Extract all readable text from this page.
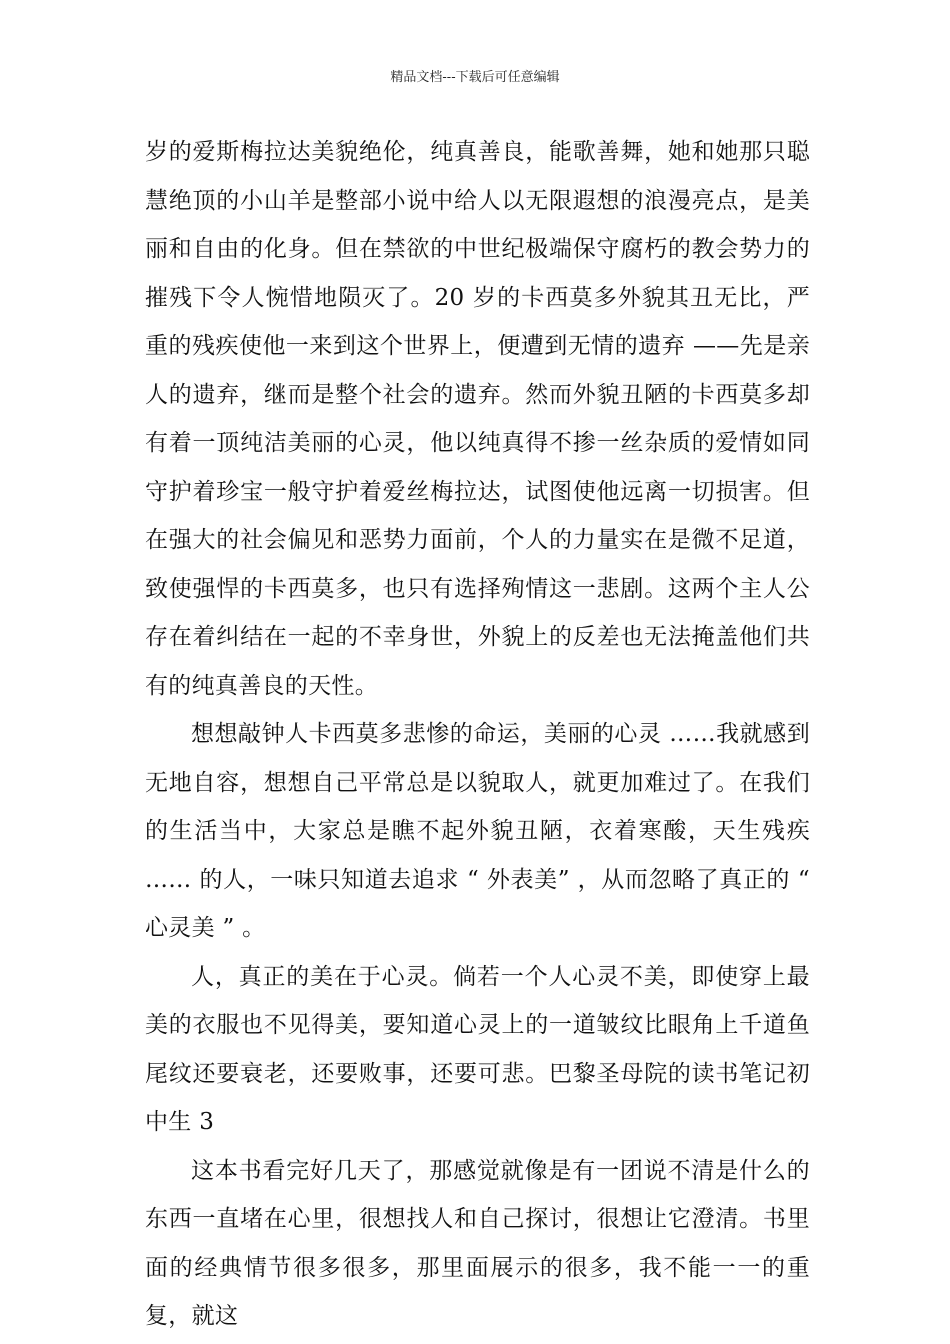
精品文档---下载后可任意编辑

岁的爱斯梅拉达美貌绝伦，纯真善良，能歌善舞，她和她那只聪慧绝顶的小山羊是整部小说中给人以无限遐想的浪漫亮点，是美丽和自由的化身。但在禁欲的中世纪极端保守腐朽的教会势力的摧残下令人惋惜地陨灭了。20 岁的卡西莫多外貌其丑无比，严重的残疾使他一来到这个世界上，便遭到无情的遗弃 ——先是亲人的遗弃，继而是整个社会的遗弃。然而外貌丑陋的卡西莫多却有着一顶纯洁美丽的心灵，他以纯真得不掺一丝杂质的爱情如同守护着珍宝一般守护着爱丝梅拉达，试图使他远离一切损害。但在强大的社会偏见和恶势力面前，个人的力量实在是微不足道，致使强悍的卡西莫多，也只有选择殉情这一悲剧。这两个主人公存在着纠结在一起的不幸身世，外貌上的反差也无法掩盖他们共有的纯真善良的天性。

想想敲钟人卡西莫多悲惨的命运，美丽的心灵 ……我就感到无地自容，想想自己平常总是以貌取人，就更加难过了。在我们的生活当中，大家总是瞧不起外貌丑陋，衣着寒酸，天生残疾 …… 的人，一味只知道去追求 “ 外表美” ，从而忽略了真正的 “ 心灵美 ” 。

人，真正的美在于心灵。倘若一个人心灵不美，即使穿上最美的衣服也不见得美，要知道心灵上的一道皱纹比眼角上千道鱼尾纹还要衰老，还要败事，还要可悲。巴黎圣母院的读书笔记初中生 3

这本书看完好几天了，那感觉就像是有一团说不清是什么的东西一直堵在心里，很想找人和自己探讨，很想让它澄清。书里面的经典情节很多很多，那里面展示的很多，我不能一一的重复，就这
